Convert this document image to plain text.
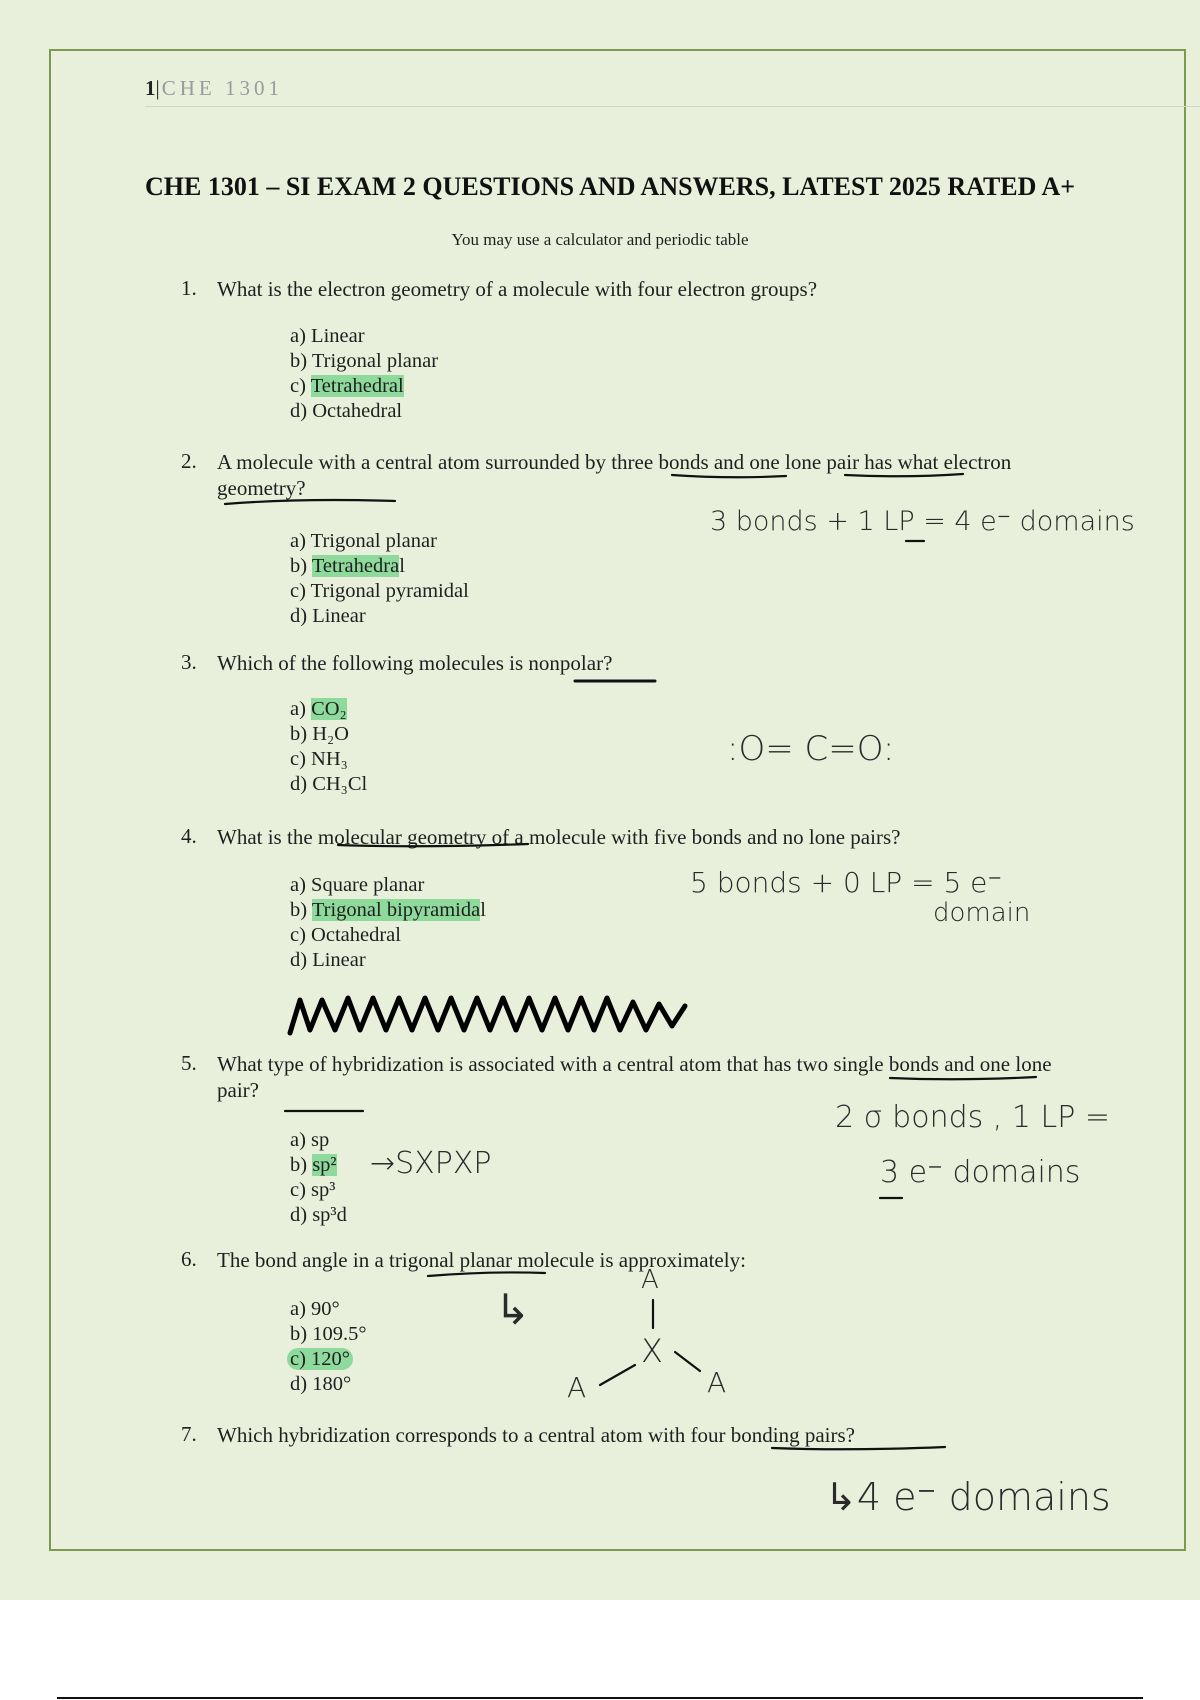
1|CHE 1301
CHE 1301 – SI EXAM 2 QUESTIONS AND ANSWERS, LATEST 2025 RATED A+
You may use a calculator and periodic table
1. What is the electron geometry of a molecule with four electron groups?
a) Linear
b) Trigonal planar
c) Tetrahedral
d) Octahedral
2. A molecule with a central atom surrounded by three bonds and one lone pair has what electron geometry?
a) Trigonal planar
b) Tetrahedral
c) Trigonal pyramidal
d) Linear
3 bonds + 1 LP = 4 e⁻ domains
3. Which of the following molecules is nonpolar?
a) CO₂
b) H₂O
c) NH₃
d) CH₃Cl
:O= C=O:
4. What is the molecular geometry of a molecule with five bonds and no lone pairs?
a) Square planar
b) Trigonal bipyramidal
c) Octahedral
d) Linear
5 bonds + 0 LP = 5 e⁻
domain
5. What type of hybridization is associated with a central atom that has two single bonds and one lone pair?
a) sp
b) sp²
c) sp³
d) sp³d
→SXPXP
2 σ bonds , 1 LP =
3 e⁻ domains
6. The bond angle in a trigonal planar molecule is approximately:
a) 90°
b) 109.5°
c) 120°
d) 180°
↳
A
X
A	A
7. Which hybridization corresponds to a central atom with four bonding pairs?
↳4 e⁻ domains
